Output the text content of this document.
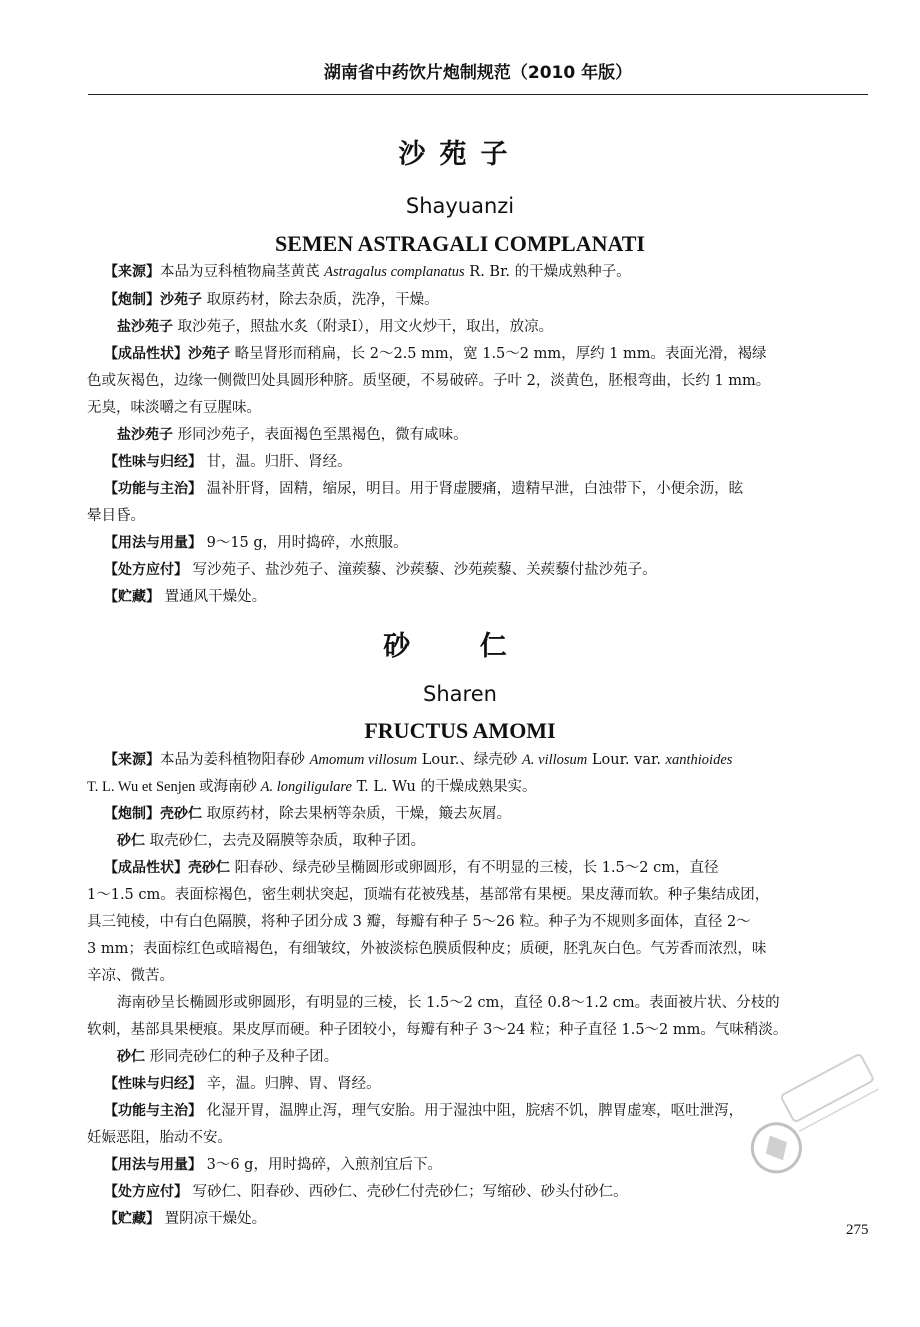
湖南省中药饮片炮制规范（2010 年版）
沙苑子
Shayuanzi
SEMEN ASTRAGALI COMPLANATI
【来源】本品为豆科植物扁茎黄芪 Astragalus complanatus R. Br. 的干燥成熟种子。
【炮制】沙苑子 取原药材，除去杂质，洗净，干燥。
盐沙苑子 取沙苑子，照盐水炙（附录Ⅰ），用文火炒干，取出，放凉。
【成品性状】沙苑子 略呈肾形而稍扁，长 2～2.5 mm，宽 1.5～2 mm，厚约 1 mm。表面光滑，褐绿
色或灰褐色，边缘一侧微凹处具圆形种脐。质坚硬，不易破碎。子叶 2，淡黄色，胚根弯曲，长约 1 mm。
无臭，味淡嚼之有豆腥味。
盐沙苑子 形同沙苑子，表面褐色至黑褐色，微有咸味。
【性味与归经】 甘，温。归肝、肾经。
【功能与主治】 温补肝肾，固精，缩尿，明目。用于肾虚腰痛，遗精早泄，白浊带下，小便余沥，眩
晕目昏。
【用法与用量】 9～15 g，用时捣碎，水煎服。
【处方应付】 写沙苑子、盐沙苑子、潼蒺藜、沙蒺藜、沙苑蒺藜、关蒺藜付盐沙苑子。
【贮藏】 置通风干燥处。
砂 仁
Sharen
FRUCTUS AMOMI
【来源】本品为姜科植物阳春砂 Amomum villosum Lour.、绿壳砂 A. villosum Lour. var. xanthioides
T. L. Wu et Senjen 或海南砂 A. longiligulare T. L. Wu 的干燥成熟果实。
【炮制】壳砂仁 取原药材，除去果柄等杂质，干燥，簸去灰屑。
砂仁 取壳砂仁，去壳及隔膜等杂质，取种子团。
【成品性状】壳砂仁 阳春砂、绿壳砂呈椭圆形或卵圆形，有不明显的三棱，长 1.5～2 cm，直径
1～1.5 cm。表面棕褐色，密生刺状突起，顶端有花被残基，基部常有果梗。果皮薄而软。种子集结成团，
具三钝棱，中有白色隔膜，将种子团分成 3 瓣，每瓣有种子 5～26 粒。种子为不规则多面体，直径 2～
3 mm；表面棕红色或暗褐色，有细皱纹，外被淡棕色膜质假种皮；质硬，胚乳灰白色。气芳香而浓烈，味
辛凉、微苦。
海南砂呈长椭圆形或卵圆形，有明显的三棱，长 1.5～2 cm，直径 0.8～1.2 cm。表面被片状、分枝的
软刺，基部具果梗痕。果皮厚而硬。种子团较小，每瓣有种子 3～24 粒；种子直径 1.5～2 mm。气味稍淡。
砂仁 形同壳砂仁的种子及种子团。
【性味与归经】 辛，温。归脾、胃、肾经。
【功能与主治】 化湿开胃，温脾止泻，理气安胎。用于湿浊中阻，脘痞不饥，脾胃虚寒，呕吐泄泻，
妊娠恶阻，胎动不安。
【用法与用量】 3～6 g，用时捣碎，入煎剂宜后下。
【处方应付】 写砂仁、阳春砂、西砂仁、壳砂仁付壳砂仁；写缩砂、砂头付砂仁。
【贮藏】 置阴凉干燥处。
275
